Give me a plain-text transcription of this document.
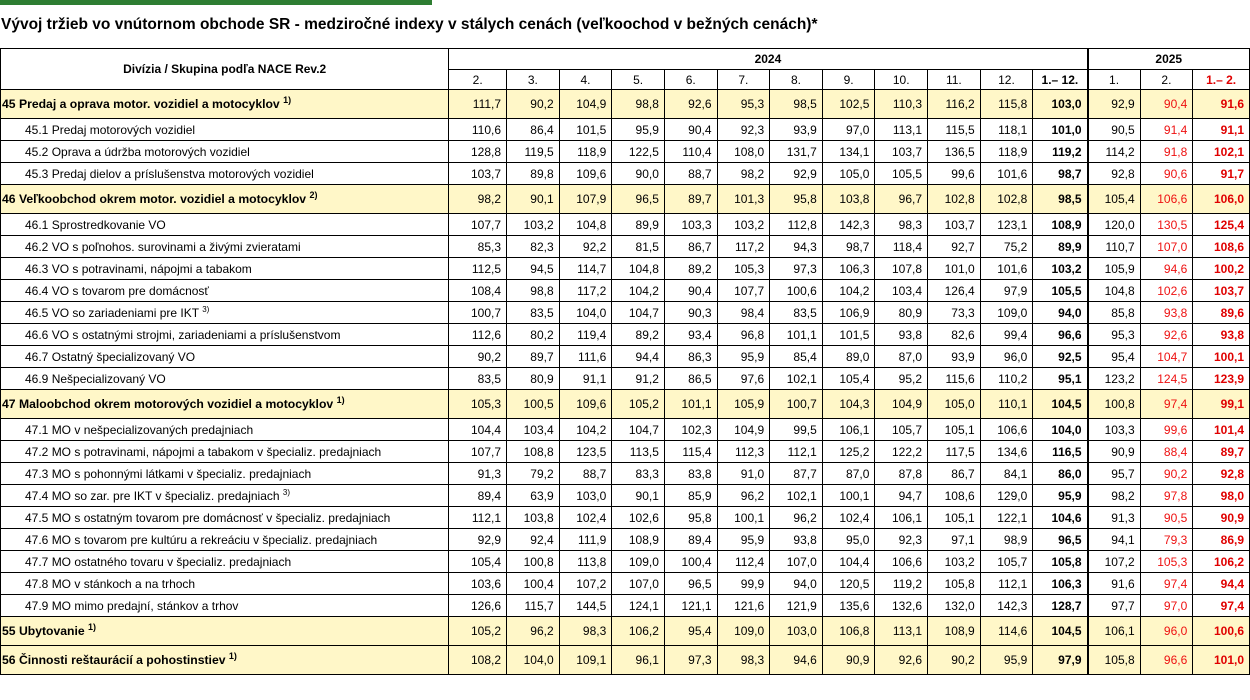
Vývoj tržieb vo vnútornom obchode SR - medziročné indexy v stálych cenách (veľkoochod v bežných cenách)*
Divízia / Skupina podľa NACE Rev.2	2024												2025		
	2.	3.	4.	5.	6.	7.	8.	9.	10.	11.	12.	1.– 12.	1.	2.	1.– 2.
45 Predaj a oprava motor. vozidiel a motocyklov $^{1)}$	111,7	90,2	104,9	98,8	92,6	95,3	98,5	102,5	110,3	116,2	115,8	103,0	92,9	90,4	91,6
45.1 Predaj motorových vozidiel	110,6	86,4	101,5	95,9	90,4	92,3	93,9	97,0	113,1	115,5	118,1	101,0	90,5	91,4	91,1
45.2 Oprava a údržba motorových vozidiel	128,8	119,5	118,9	122,5	110,4	108,0	131,7	134,1	103,7	136,5	118,9	119,2	114,2	91,8	102,1
45.3 Predaj dielov a príslušenstva motorových vozidiel	103,7	89,8	109,6	90,0	88,7	98,2	92,9	105,0	105,5	99,6	101,6	98,7	92,8	90,6	91,7
46 Veľkoobchod okrem motor. vozidiel a motocyklov $^{2)}$	98,2	90,1	107,9	96,5	89,7	101,3	95,8	103,8	96,7	102,8	102,8	98,5	105,4	106,6	106,0
46.1 Sprostredkovanie VO	107,7	103,2	104,8	89,9	103,3	103,2	112,8	142,3	98,3	103,7	123,1	108,9	120,0	130,5	125,4
46.2 VO s poľnohos. surovinami a živými zvieratami	85,3	82,3	92,2	81,5	86,7	117,2	94,3	98,7	118,4	92,7	75,2	89,9	110,7	107,0	108,6
46.3 VO s potravinami, nápojmi a tabakom	112,5	94,5	114,7	104,8	89,2	105,3	97,3	106,3	107,8	101,0	101,6	103,2	105,9	94,6	100,2
46.4 VO s tovarom pre domácnosť	108,4	98,8	117,2	104,2	90,4	107,7	100,6	104,2	103,4	126,4	97,9	105,5	104,8	102,6	103,7
46.5 VO so zariadeniami pre IKT $^{3)}$	100,7	83,5	104,0	104,7	90,3	98,4	83,5	106,9	80,9	73,3	109,0	94,0	85,8	93,8	89,6
46.6 VO s ostatnými strojmi, zariadeniami a príslušenstvom	112,6	80,2	119,4	89,2	93,4	96,8	101,1	101,5	93,8	82,6	99,4	96,6	95,3	92,6	93,8
46.7 Ostatný špecializovaný VO	90,2	89,7	111,6	94,4	86,3	95,9	85,4	89,0	87,0	93,9	96,0	92,5	95,4	104,7	100,1
46.9 Nešpecializovaný VO	83,5	80,9	91,1	91,2	86,5	97,6	102,1	105,4	95,2	115,6	110,2	95,1	123,2	124,5	123,9
47 Maloobchod okrem motorových vozidiel a motocyklov $^{1)}$	105,3	100,5	109,6	105,2	101,1	105,9	100,7	104,3	104,9	105,0	110,1	104,5	100,8	97,4	99,1
47.1 MO v nešpecializovaných predajniach	104,4	103,4	104,2	104,7	102,3	104,9	99,5	106,1	105,7	105,1	106,6	104,0	103,3	99,6	101,4
47.2 MO s potravinami, nápojmi a tabakom v špecializ. predajniach	107,7	108,8	123,5	113,5	115,4	112,3	112,1	125,2	122,2	117,5	134,6	116,5	90,9	88,4	89,7
47.3 MO s pohonnými látkami v špecializ. predajniach	91,3	79,2	88,7	83,3	83,8	91,0	87,7	87,0	87,8	86,7	84,1	86,0	95,7	90,2	92,8
47.4 MO so zar. pre IKT v špecializ. predajniach $^{3)}$	89,4	63,9	103,0	90,1	85,9	96,2	102,1	100,1	94,7	108,6	129,0	95,9	98,2	97,8	98,0
47.5 MO s ostatným tovarom pre domácnosť v špecializ. predajniach	112,1	103,8	102,4	102,6	95,8	100,1	96,2	102,4	106,1	105,1	122,1	104,6	91,3	90,5	90,9
47.6 MO s tovarom pre kultúru a rekreáciu v špecializ. predajniach	92,9	92,4	111,9	108,9	89,4	95,9	93,8	95,0	92,3	97,1	98,9	96,5	94,1	79,3	86,9
47.7 MO ostatného tovaru v špecializ. predajniach	105,4	100,8	113,8	109,0	100,4	112,4	107,0	104,4	106,6	103,2	105,7	105,8	107,2	105,3	106,2
47.8 MO v stánkoch a na trhoch	103,6	100,4	107,2	107,0	96,5	99,9	94,0	120,5	119,2	105,8	112,1	106,3	91,6	97,4	94,4
47.9 MO mimo predajní, stánkov a trhov	126,6	115,7	144,5	124,1	121,1	121,6	121,9	135,6	132,6	132,0	142,3	128,7	97,7	97,0	97,4
55 Ubytovanie $^{1)}$	105,2	96,2	98,3	106,2	95,4	109,0	103,0	106,8	113,1	108,9	114,6	104,5	106,1	96,0	100,6
56 Činnosti reštaurácií a pohostinstiev $^{1)}$	108,2	104,0	109,1	96,1	97,3	98,3	94,6	90,9	92,6	90,2	95,9	97,9	105,8	96,6	101,0
